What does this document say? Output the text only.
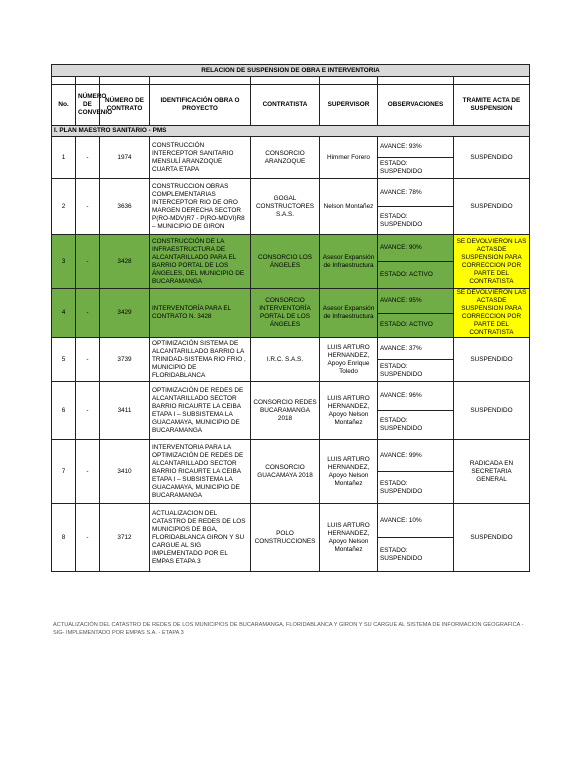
RELACION DE SUSPENSION DE OBRA E INTERVENTORIA							

No.	NÚMERO DE CONVENIO	NÚMERO DE CONTRATO	IDENTIFICACIÓN OBRA O PROYECTO	CONTRATISTA	SUPERVISOR	OBSERVACIONES	TRAMITE ACTA DE SUSPENSION
I. PLAN MAESTRO SANITARIO - PMS							
1	-	1974	CONSTRUCCIÓN INTERCEPTOR SANITARIO MENSULÍ ARANZOQUE CUARTA ETAPA	CONSORCIO ARANZOQUE	Himmer Forero	AVANCE: 93%	SUSPENDIDO
						ESTADO: SUSPENDIDO	
2	-	3636	CONSTRUCCION OBRAS COMPLEMENTARIAS INTERCEPTOR RIO DE ORO MARGEN DERECHA SECTOR P(RO-MDV)R7 - P(RO-MDVI)R8 – MUNICIPIO DE GIRON	GOGAL CONSTRUCTORES S.A.S.	Nelson Montañez	AVANCE: 78%	SUSPENDIDO
						ESTADO: SUSPENDIDO	
3	-	3428	CONSTRUCCIÓN DE LA INFRAESTRUCTURA DE ALCANTARILLADO PARA EL BARRIO PORTAL DE LOS ÁNGELES, DEL MUNICIPIO DE BUCARAMANGA	CONSORCIO LOS ÁNGELES	Asesor Expansión de Infraestructura	AVANCE: 90%	SE DEVOLVIERON LAS ACTASDE SUSPENSION PARA CORRECCION POR PARTE DEL CONTRATISTA
						ESTADO: ACTIVO	
4	-	3429	INTERVENTORÍA PARA EL CONTRATO N. 3428	CONSORCIO INTERVENTORÍA PORTAL DE LOS ÁNGELES	Asesor Expansión de Infraestructura	AVANCE: 95%	SE DEVOLVIERON LAS ACTASDE SUSPENSION PARA CORRECCION POR PARTE DEL CONTRATISTA
						ESTADO: ACTIVO	
5	-	3739	OPTIMIZACIÓN SISTEMA DE ALCANTARILLADO BARRIO LA TRINIDAD-SISTEMA RIO FRIO , MUNICIPIO DE FLORIDABLANCA	I.R.C. S.A.S.	LUIS ARTURO HERNANDEZ, Apoyo Enrique Toledo	AVANCE: 37%	SUSPENDIDO
						ESTADO: SUSPENDIDO	
6	-	3411	OPTIMIZACIÓN DE REDES DE ALCANTARILLADO SECTOR BARRIO RICAURTE LA CEIBA ETAPA I – SUBSISTEMA LA GUACAMAYA, MUNICIPIO DE BUCARAMANGA	CONSORCIO REDES BUCARAMANGA 2018	LUIS ARTURO HERNANDEZ, Apoyo Nelson Montañez	AVANCE: 96%	SUSPENDIDO
						ESTADO: SUSPENDIDO	
7	-	3410	INTERVENTORIA PARA LA OPTIMIZACIÓN DE REDES DE ALCANTARILLADO SECTOR BARRIO RICAURTE LA CEIBA ETAPA I – SUBSISTEMA LA GUACAMAYA, MUNICIPIO DE BUCARAMANGA	CONSORCIO GUACAMAYA 2018	LUIS ARTURO HERNANDEZ, Apoyo Nelson Montañez	AVANCE: 99%	RADICADA EN SECRETARIA GENERAL
						ESTADO: SUSPENDIDO	
8	-	3712	ACTUALIZACION DEL CATASTRO DE REDES DE LOS MUNICIPIOS DE BGA, FLORIDABLANCA GIRON Y SU CARGUE AL SIG IMPLEMENTADO POR EL EMPAS ETAPA 3	POLO CONSTRUCCIONES	LUIS ARTURO HERNANDEZ, Apoyo Nelson Montañez	AVANCE: 10%	SUSPENDIDO
						ESTADO: SUSPENDIDO	
ACTUALIZACIÓN DEL CATASTRO DE REDES DE LOS MUNICIPIOS DE BUCARAMANGA, FLORIDABLANCA Y GIRON Y SU CARGUE AL SISTEMA DE INFORMACION GEOGRAFICA - SIG- IMPLEMENTADO POR EMPAS S.A. - ETAPA 3
